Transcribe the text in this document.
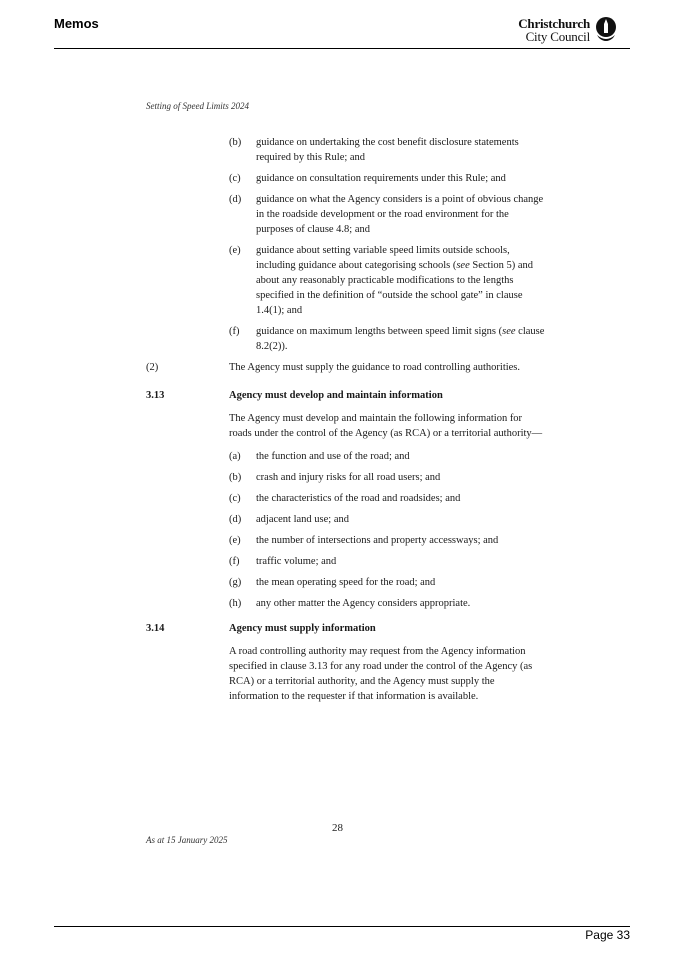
Memos	Christchurch
City Council
Setting of Speed Limits 2024
(b) guidance on undertaking the cost benefit disclosure statements required by this Rule; and
(c) guidance on consultation requirements under this Rule; and
(d) guidance on what the Agency considers is a point of obvious change in the roadside development or the road environment for the purposes of clause 4.8; and
(e) guidance about setting variable speed limits outside schools, including guidance about categorising schools (see Section 5) and about any reasonably practicable modifications to the lengths specified in the definition of “outside the school gate” in clause 1.4(1); and
(f) guidance on maximum lengths between speed limit signs (see clause 8.2(2)).
(2)	The Agency must supply the guidance to road controlling authorities.
3.13	Agency must develop and maintain information
The Agency must develop and maintain the following information for roads under the control of the Agency (as RCA) or a territorial authority—
(a) the function and use of the road; and
(b) crash and injury risks for all road users; and
(c) the characteristics of the road and roadsides; and
(d) adjacent land use; and
(e) the number of intersections and property accessways; and
(f) traffic volume; and
(g) the mean operating speed for the road; and
(h) any other matter the Agency considers appropriate.
3.14	Agency must supply information
A road controlling authority may request from the Agency information specified in clause 3.13 for any road under the control of the Agency (as RCA) or a territorial authority, and the Agency must supply the information to the requester if that information is available.
28
As at 15 January 2025
Page 33
